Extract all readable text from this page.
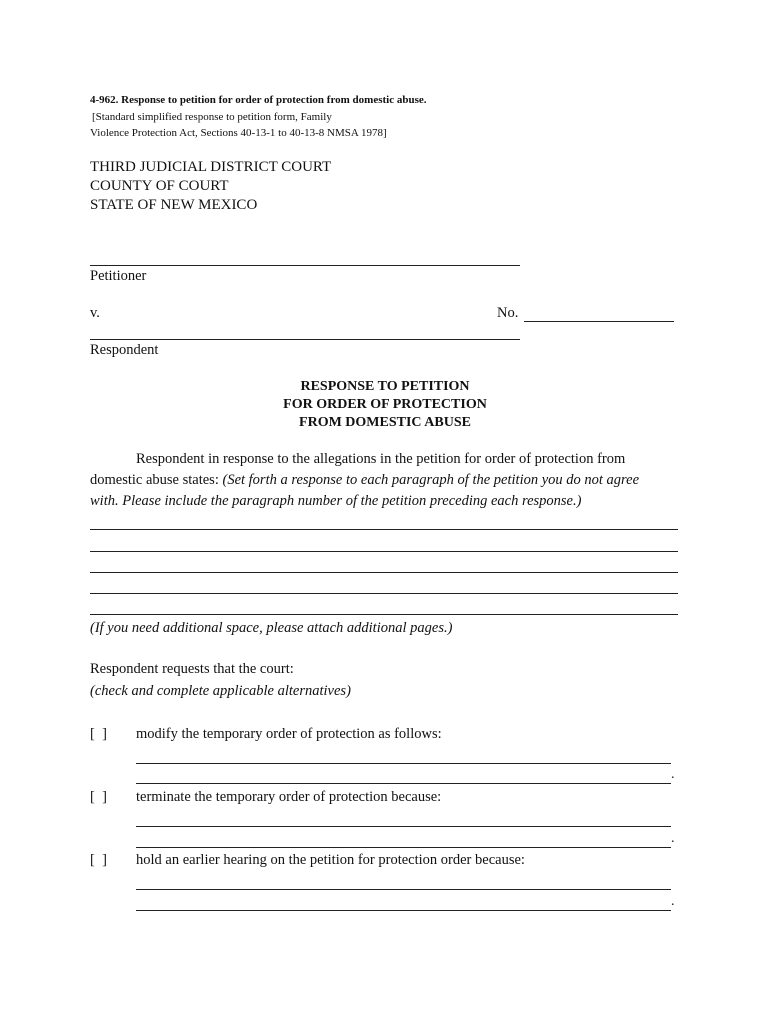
4-962. Response to petition for order of protection from domestic abuse.
[Standard simplified response to petition form, Family
Violence Protection Act, Sections 40-13-1 to 40-13-8 NMSA 1978]
THIRD JUDICIAL DISTRICT COURT
COUNTY OF COURT
STATE OF NEW MEXICO
Petitioner
v.	No.
Respondent
RESPONSE TO PETITION
FOR ORDER OF PROTECTION
FROM DOMESTIC ABUSE
Respondent in response to the allegations in the petition for order of protection from
domestic abuse states: (Set forth a response to each paragraph of the petition you do not agree
with. Please include the paragraph number of the petition preceding each response.)
(If you need additional space, please attach additional pages.)
Respondent requests that the court:
(check and complete applicable alternatives)
[  ] modify the temporary order of protection as follows:
.
[  ] terminate the temporary order of protection because:
.
[  ] hold an earlier hearing on the petition for protection order because:
.
